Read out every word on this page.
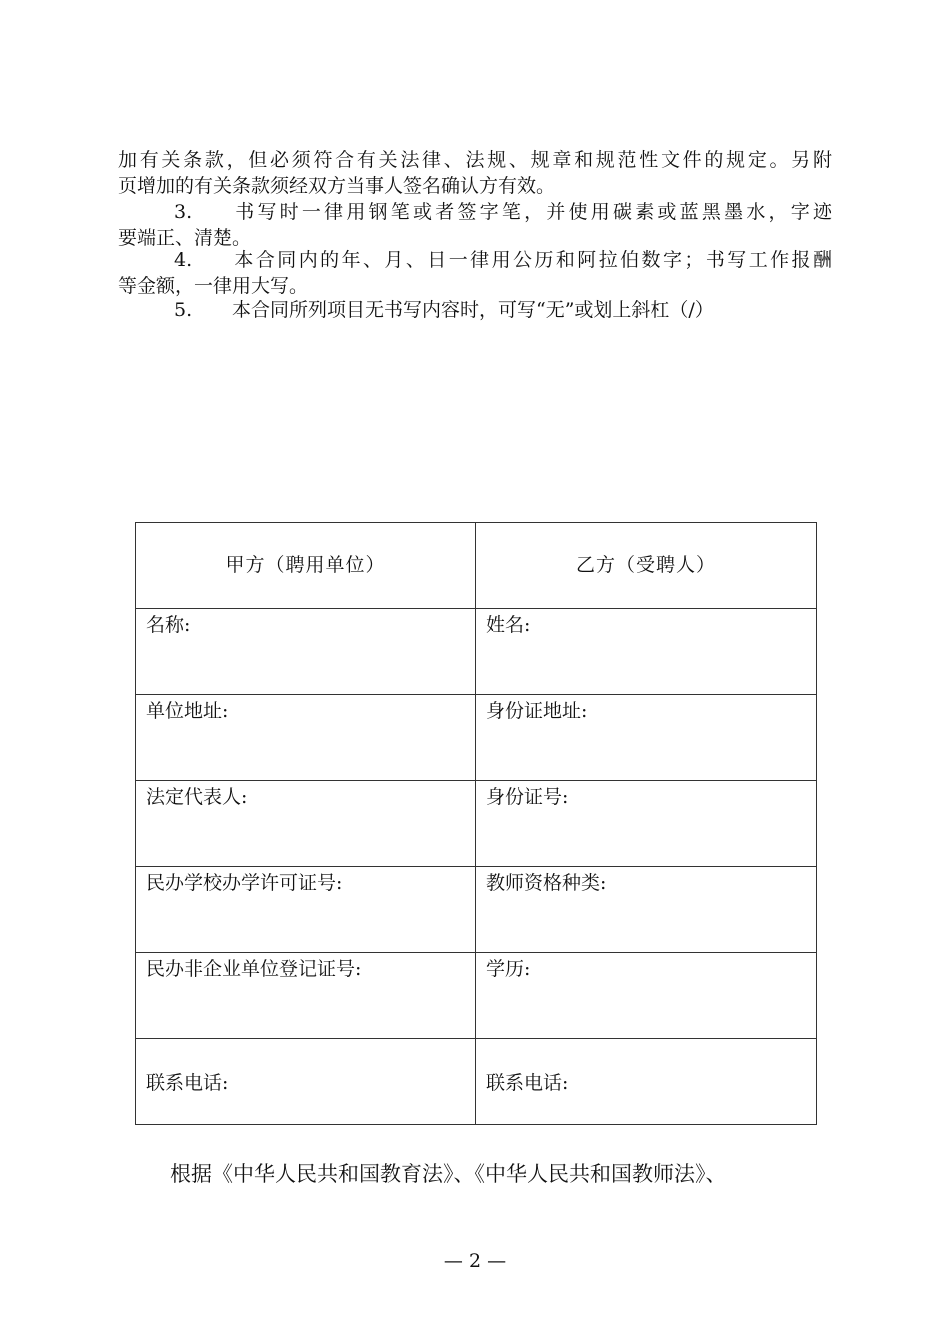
加有关条款，但必须符合有关法律、法规、规章和规范性文件的规定。另附
页增加的有关条款须经双方当事人签名确认方有效。
3. 书写时一律用钢笔或者签字笔，并使用碳素或蓝黑墨水，字迹
要端正、清楚。
4. 本合同内的年、月、日一律用公历和阿拉伯数字；书写工作报酬
等金额，一律用大写。
5. 本合同所列项目无书写内容时，可写“无”或划上斜杠（/）
甲方（聘用单位）	乙方（受聘人）

名称:	姓名:

单位地址:	身份证地址:

法定代表人:	身份证号:

民办学校办学许可证号:	教师资格种类:

民办非企业单位登记证号:	学历:

联系电话:	联系电话:
根据《中华人民共和国教育法》、《中华人民共和国教师法》、
— 2 —
